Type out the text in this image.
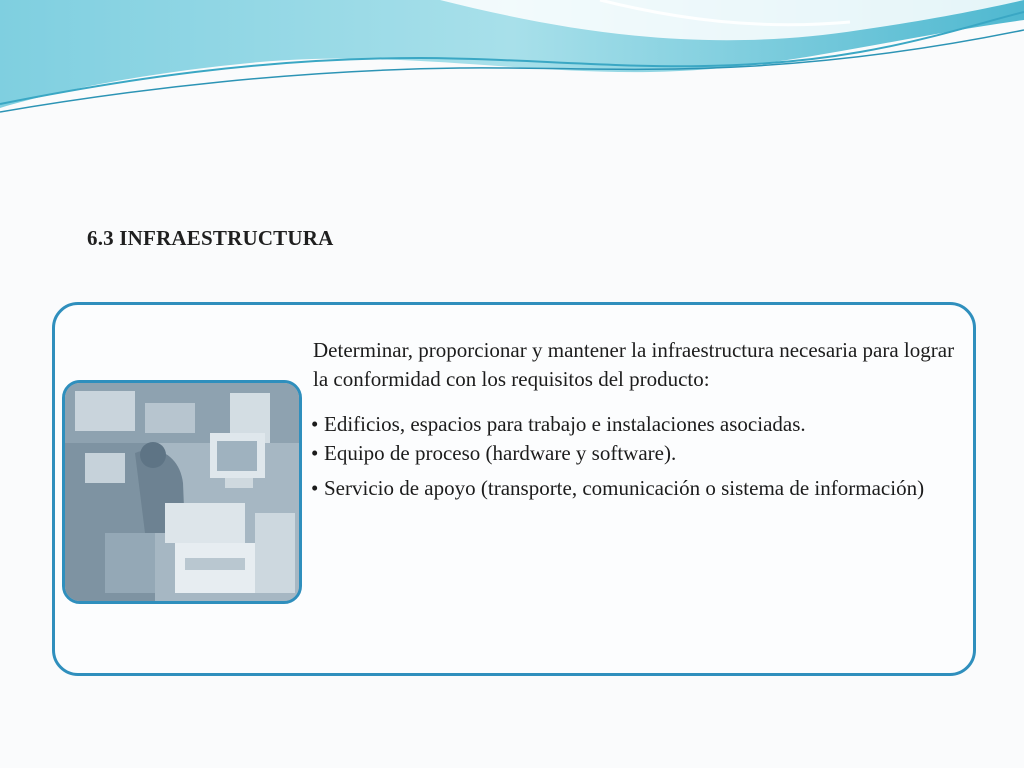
6.3 INFRAESTRUCTURA

Determinar, proporcionar y mantener la infraestructura necesaria para lograr la conformidad con los requisitos del producto:

• Edificios, espacios para trabajo e instalaciones asociadas.
• Equipo de proceso (hardware y software).
• Servicio de apoyo (transporte, comunicación o sistema de información)
